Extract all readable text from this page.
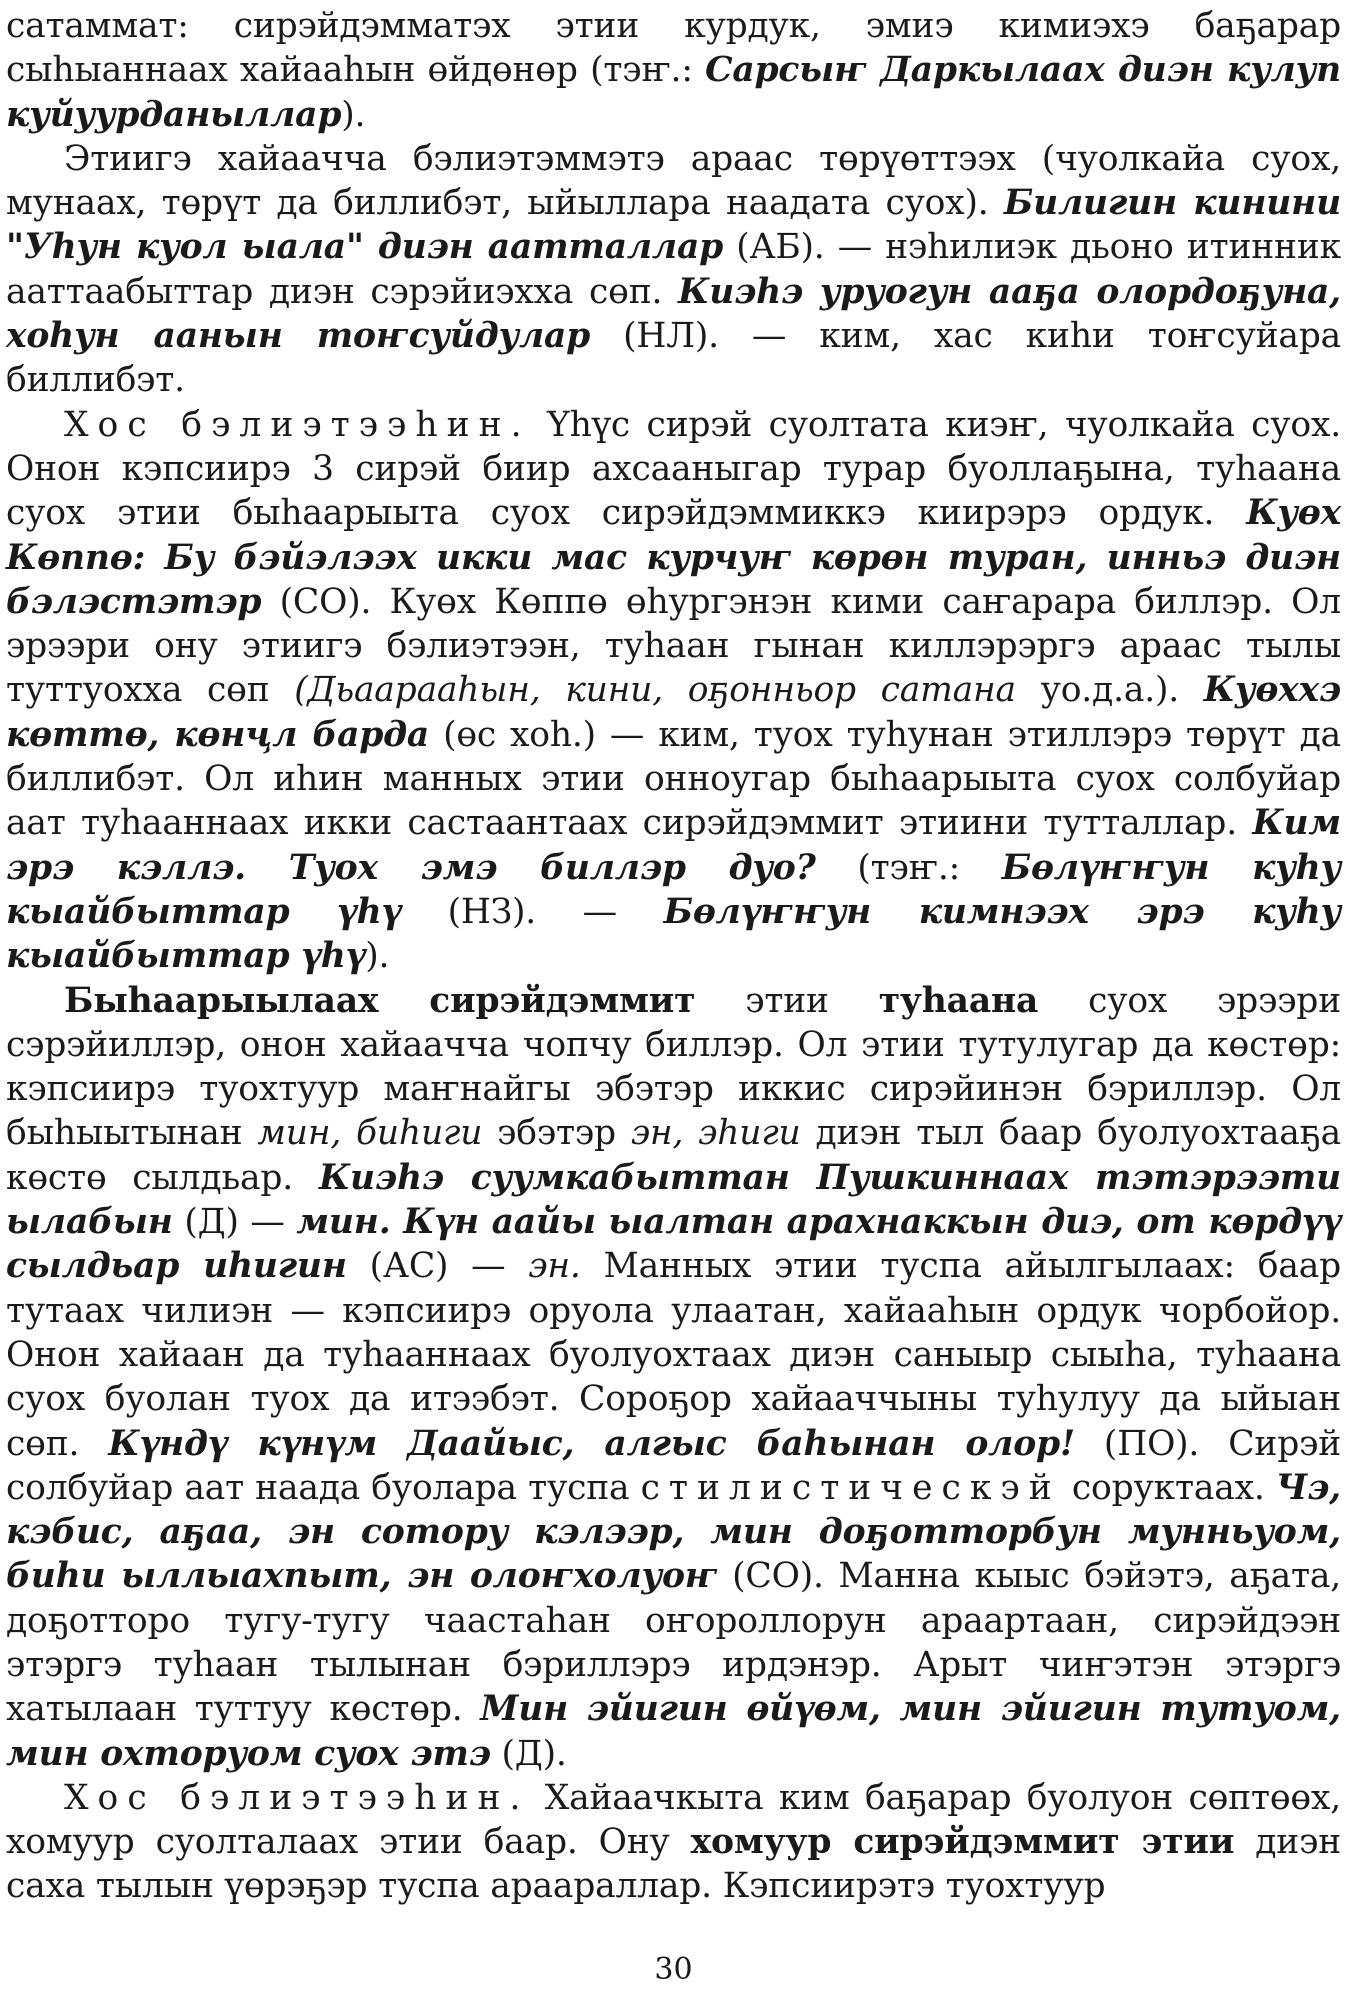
сатаммат: сирэйдэмматэх этии курдук, эмиэ кимиэхэ баҕарар сыһыаннаах хайааһын өйдөнөр (тэҥ.: Сарсыҥ Даркылаах диэн кулуп куйуурданыллар).

Этиигэ хайаачча бэлиэтэммэтэ араас төрүөттээх (чуолкайа суох, мунаах, төрүт да биллибэт, ыйыллара наадата суох). Билигин кинини "Уһун куол ыала" диэн аатталлар (АБ). — нэһилиэк дьоно итинник ааттаабыттар диэн сэрэйиэхха сөп. Киэһэ уруогун ааҕа олордоҕуна, хоһун аанын тоҥсуйдулар (НЛ). — ким, хас киһи тоҥсуйара биллибэт.

Хос бэлиэтээһин. Үһүс сирэй суолтата киэҥ, чуолкайа суох. Онон кэпсиирэ 3 сирэй биир ахсааныгар турар буоллаҕына, туһаана суох этии быһаарыыта суох сирэйдэммиккэ киирэрэ ордук. Куөх Көппө: Бу бэйэлээх икки мас курчуҥ көрөн туран, инньэ диэн бэлэстэтэр (СО). Куөх Көппө өһургэнэн кими саҥарара биллэр. Ол эрээри ону этиигэ бэлиэтээн, туһаан гынан киллэрэргэ араас тылы туттуохха сөп (Дьаарааһын, кини, оҕонньор сатана уо.д.а.). Куөххэ көттө, көнҷл барда (өс хоһ.) — ким, туох туһунан этиллэрэ төрүт да биллибэт. Ол иһин манных этии онноугар быһаарыыта суох солбуйар аат туһааннаах икки састаантаах сирэйдэммит этиини тутталлар. Ким эрэ кэллэ. Туох эмэ биллэр дуо? (тэҥ.: Бөлүҥҥун куһу кыайбыттар үһү (НЗ). — Бөлүҥҥун кимнээх эрэ куһу кыайбыттар үһү).

Быһаарыылаах сирэйдэммит этии туһаана суох эрээри сэрэйиллэр, онон хайаачча чопчу биллэр. Ол этии тутулугар да көстөр: кэпсиирэ туохтуур маҥнайгы эбэтэр иккис сирэйинэн бэриллэр. Ол быһыытынан мин, биһиги эбэтэр эн, эһиги диэн тыл баар буолуохтааҕа көстө сылдьар. Киэһэ суумкабыттан Пушкиннаах тэтэрээти ылабын (Д) — мин. Күн аайы ыалтан арахнаккын диэ, от көрдүү сылдьар иһигин (АС) — эн. Манных этии туспа айылгылаах: баар тутаах чилиэн — кэпсиирэ оруола улаатан, хайааһын ордук чорбойор. Онон хайаан да туһааннаах буолуохтаах диэн саныыр сыыһа, туһаана суох буолан туох да итээбэт. Сороҕор хайааччыны туһулуу да ыйыан сөп. Күндү күнүм Даайыс, алгыс баһынан олор! (ПО). Сирэй солбуйар аат наада буолара туспа стилистическэй соруктаах. Чэ, кэбис, аҕаа, эн сотору кэлээр, мин доҕотторбун мунньуом, биһи ыллыахпыт, эн олоҥхолуоҥ (СО). Манна кыыс бэйэтэ, аҕата, доҕотторо тугу-тугу чаастаһан оҥороллорун араартаан, сирэйдээн этэргэ туһаан тылынан бэриллэрэ ирдэнэр. Арыт чиҥэтэн этэргэ хатылаан туттуу көстөр. Мин эйигин өйүөм, мин эйигин тутуом, мин охторуом суох этэ (Д).

Хос бэлиэтээһин. Хайаачкыта ким баҕарар буолуон сөптөөх, хомуур суолталаах этии баар. Ону хомуур сирэйдэммит этии диэн саха тылын үөрэҕэр туспа араараллар. Кэпсиирэтэ туохтуур

30
